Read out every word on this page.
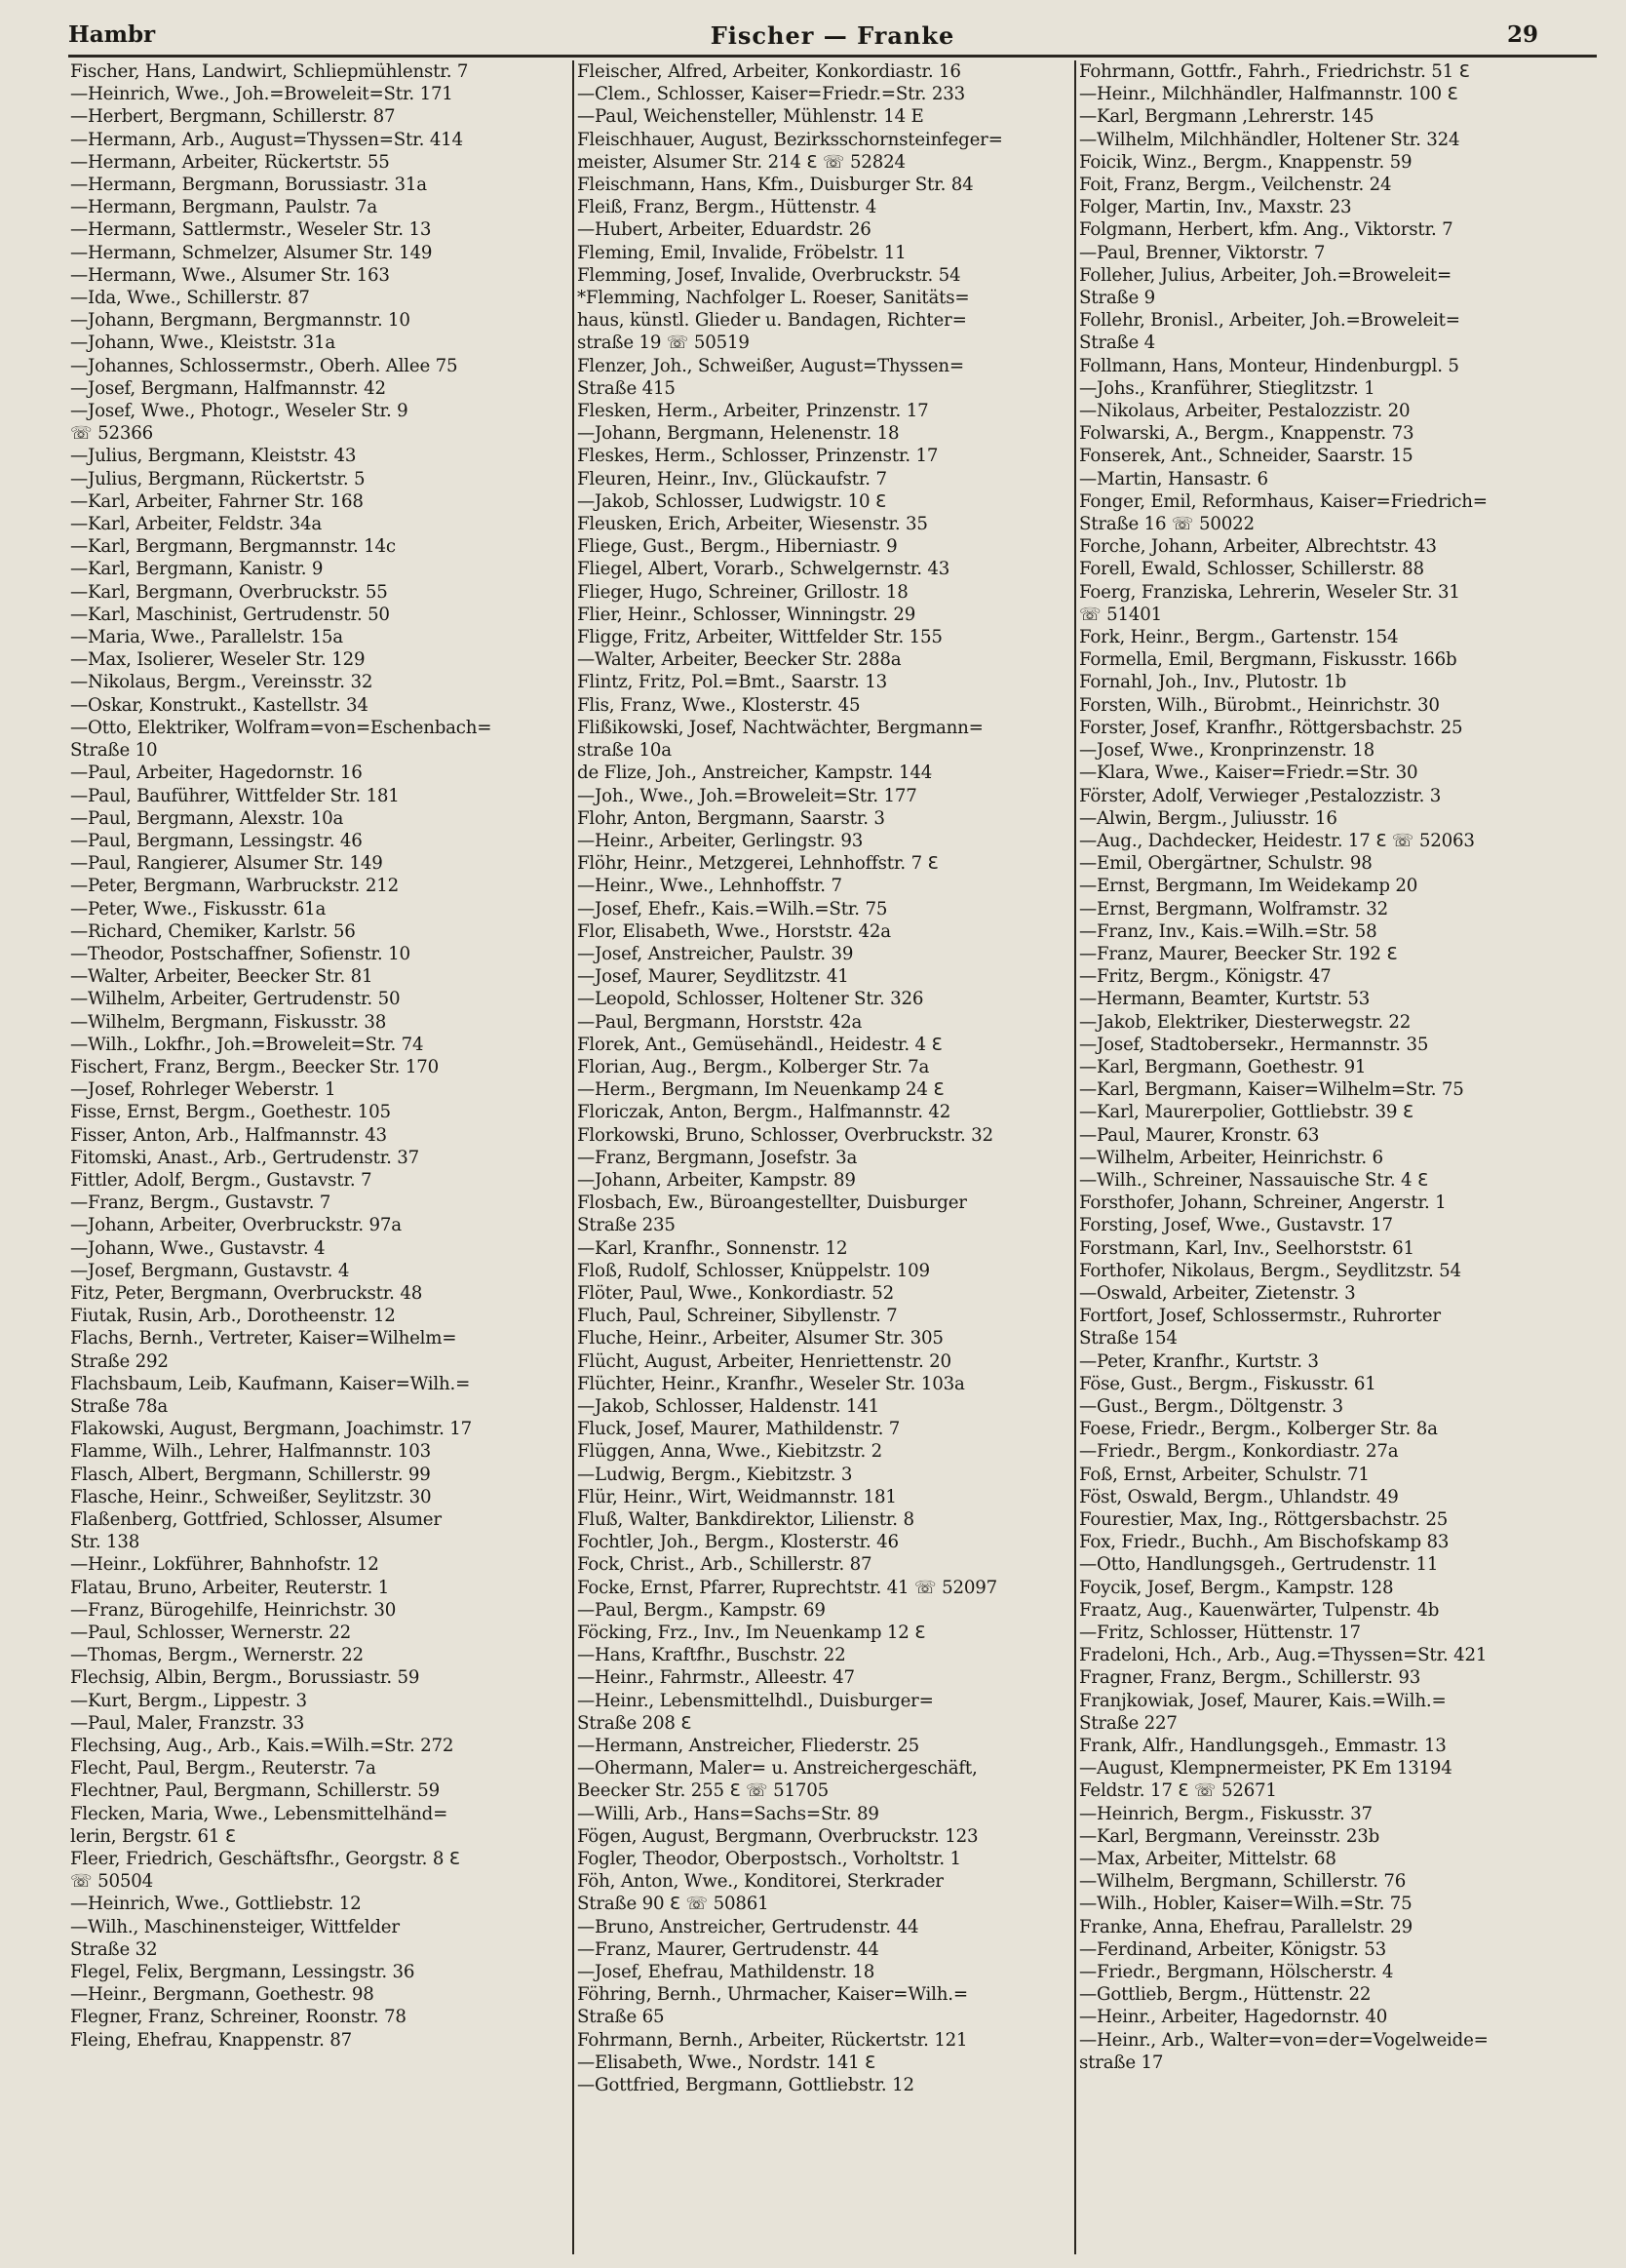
Hambr	Fischer — Franke	29
Fischer, Hans, Landwirt, Schliepmühlenstr. 7
—Heinrich, Wwe., Joh.=Broweleit=Str. 171
—Herbert, Bergmann, Schillerstr. 87
—Hermann, Arb., August=Thyssen=Str. 414
—Hermann, Arbeiter, Rückertstr. 55
—Hermann, Bergmann, Borussiastr. 31a
—Hermann, Bergmann, Paulstr. 7a
—Hermann, Sattlermstr., Weseler Str. 13
—Hermann, Schmelzer, Alsumer Str. 149
—Hermann, Wwe., Alsumer Str. 163
—Ida, Wwe., Schillerstr. 87
—Johann, Bergmann, Bergmannstr. 10
—Johann, Wwe., Kleiststr. 31a
—Johannes, Schlossermstr., Oberh. Allee 75
—Josef, Bergmann, Halfmannstr. 42
—Josef, Wwe., Photogr., Weseler Str. 9
☏ 52366
—Julius, Bergmann, Kleiststr. 43
—Julius, Bergmann, Rückertstr. 5
—Karl, Arbeiter, Fahrner Str. 168
—Karl, Arbeiter, Feldstr. 34a
—Karl, Bergmann, Bergmannstr. 14c
—Karl, Bergmann, Kanistr. 9
—Karl, Bergmann, Overbruckstr. 55
—Karl, Maschinist, Gertrudenstr. 50
—Maria, Wwe., Parallelstr. 15a
—Max, Isolierer, Weseler Str. 129
—Nikolaus, Bergm., Vereinsstr. 32
—Oskar, Konstrukt., Kastellstr. 34
—Otto, Elektriker, Wolfram=von=Eschenbach=
Straße 10
—Paul, Arbeiter, Hagedornstr. 16
—Paul, Bauführer, Wittfelder Str. 181
—Paul, Bergmann, Alexstr. 10a
—Paul, Bergmann, Lessingstr. 46
—Paul, Rangierer, Alsumer Str. 149
—Peter, Bergmann, Warbruckstr. 212
—Peter, Wwe., Fiskusstr. 61a
—Richard, Chemiker, Karlstr. 56
—Theodor, Postschaffner, Sofienstr. 10
—Walter, Arbeiter, Beecker Str. 81
—Wilhelm, Arbeiter, Gertrudenstr. 50
—Wilhelm, Bergmann, Fiskusstr. 38
—Wilh., Lokfhr., Joh.=Broweleit=Str. 74
Fischert, Franz, Bergm., Beecker Str. 170
—Josef, Rohrleger Weberstr. 1
Fisse, Ernst, Bergm., Goethestr. 105
Fisser, Anton, Arb., Halfmannstr. 43
Fitomski, Anast., Arb., Gertrudenstr. 37
Fittler, Adolf, Bergm., Gustavstr. 7
—Franz, Bergm., Gustavstr. 7
—Johann, Arbeiter, Overbruckstr. 97a
—Johann, Wwe., Gustavstr. 4
—Josef, Bergmann, Gustavstr. 4
Fitz, Peter, Bergmann, Overbruckstr. 48
Fiutak, Rusin, Arb., Dorotheenstr. 12
Flachs, Bernh., Vertreter, Kaiser=Wilhelm=
Straße 292
Flachsbaum, Leib, Kaufmann, Kaiser=Wilh.=
Straße 78a
Flakowski, August, Bergmann, Joachimstr. 17
Flamme, Wilh., Lehrer, Halfmannstr. 103
Flasch, Albert, Bergmann, Schillerstr. 99
Flasche, Heinr., Schweißer, Seylitzstr. 30
Flaßenberg, Gottfried, Schlosser, Alsumer
Str. 138
—Heinr., Lokführer, Bahnhofstr. 12
Flatau, Bruno, Arbeiter, Reuterstr. 1
—Franz, Bürogehilfe, Heinrichstr. 30
—Paul, Schlosser, Wernerstr. 22
—Thomas, Bergm., Wernerstr. 22
Flechsig, Albin, Bergm., Borussiastr. 59
—Kurt, Bergm., Lippestr. 3
—Paul, Maler, Franzstr. 33
Flechsing, Aug., Arb., Kais.=Wilh.=Str. 272
Flecht, Paul, Bergm., Reuterstr. 7a
Flechtner, Paul, Bergmann, Schillerstr. 59
Flecken, Maria, Wwe., Lebensmittelhänd=
lerin, Bergstr. 61 ℇ
Fleer, Friedrich, Geschäftsfhr., Georgstr. 8 ℇ
☏ 50504
—Heinrich, Wwe., Gottliebstr. 12
—Wilh., Maschinensteiger, Wittfelder
Straße 32
Flegel, Felix, Bergmann, Lessingstr. 36
—Heinr., Bergmann, Goethestr. 98
Flegner, Franz, Schreiner, Roonstr. 78
Fleing, Ehefrau, Knappenstr. 87
Fleischer, Alfred, Arbeiter, Konkordiastr. 16
—Clem., Schlosser, Kaiser=Friedr.=Str. 233
—Paul, Weichensteller, Mühlenstr. 14 E
Fleischhauer, August, Bezirksschornsteinfeger=
meister, Alsumer Str. 214 ℇ ☏ 52824
Fleischmann, Hans, Kfm., Duisburger Str. 84
Fleiß, Franz, Bergm., Hüttenstr. 4
—Hubert, Arbeiter, Eduardstr. 26
Fleming, Emil, Invalide, Fröbelstr. 11
Flemming, Josef, Invalide, Overbruckstr. 54
*Flemming, Nachfolger L. Roeser, Sanitäts=
haus, künstl. Glieder u. Bandagen, Richter=
straße 19 ☏ 50519
Flenzer, Joh., Schweißer, August=Thyssen=
Straße 415
Flesken, Herm., Arbeiter, Prinzenstr. 17
—Johann, Bergmann, Helenenstr. 18
Fleskes, Herm., Schlosser, Prinzenstr. 17
Fleuren, Heinr., Inv., Glückaufstr. 7
—Jakob, Schlosser, Ludwigstr. 10 ℇ
Fleusken, Erich, Arbeiter, Wiesenstr. 35
Fliege, Gust., Bergm., Hiberniastr. 9
Fliegel, Albert, Vorarb., Schwelgernstr. 43
Flieger, Hugo, Schreiner, Grillostr. 18
Flier, Heinr., Schlosser, Winningstr. 29
Fligge, Fritz, Arbeiter, Wittfelder Str. 155
—Walter, Arbeiter, Beecker Str. 288a
Flintz, Fritz, Pol.=Bmt., Saarstr. 13
Flis, Franz, Wwe., Klosterstr. 45
Flißikowski, Josef, Nachtwächter, Bergmann=
straße 10a
de Flize, Joh., Anstreicher, Kampstr. 144
—Joh., Wwe., Joh.=Broweleit=Str. 177
Flohr, Anton, Bergmann, Saarstr. 3
—Heinr., Arbeiter, Gerlingstr. 93
Flöhr, Heinr., Metzgerei, Lehnhoffstr. 7 ℇ
—Heinr., Wwe., Lehnhoffstr. 7
—Josef, Ehefr., Kais.=Wilh.=Str. 75
Flor, Elisabeth, Wwe., Horststr. 42a
—Josef, Anstreicher, Paulstr. 39
—Josef, Maurer, Seydlitzstr. 41
—Leopold, Schlosser, Holtener Str. 326
—Paul, Bergmann, Horststr. 42a
Florek, Ant., Gemüsehändl., Heidestr. 4 ℇ
Florian, Aug., Bergm., Kolberger Str. 7a
—Herm., Bergmann, Im Neuenkamp 24 ℇ
Floriczak, Anton, Bergm., Halfmannstr. 42
Florkowski, Bruno, Schlosser, Overbruckstr. 32
—Franz, Bergmann, Josefstr. 3a
—Johann, Arbeiter, Kampstr. 89
Flosbach, Ew., Büroangestellter, Duisburger
Straße 235
—Karl, Kranfhr., Sonnenstr. 12
Floß, Rudolf, Schlosser, Knüppelstr. 109
Flöter, Paul, Wwe., Konkordiastr. 52
Fluch, Paul, Schreiner, Sibyllenstr. 7
Fluche, Heinr., Arbeiter, Alsumer Str. 305
Flücht, August, Arbeiter, Henriettenstr. 20
Flüchter, Heinr., Kranfhr., Weseler Str. 103a
—Jakob, Schlosser, Haldenstr. 141
Fluck, Josef, Maurer, Mathildenstr. 7
Flüggen, Anna, Wwe., Kiebitzstr. 2
—Ludwig, Bergm., Kiebitzstr. 3
Flür, Heinr., Wirt, Weidmannstr. 181
Fluß, Walter, Bankdirektor, Lilienstr. 8
Fochtler, Joh., Bergm., Klosterstr. 46
Fock, Christ., Arb., Schillerstr. 87
Focke, Ernst, Pfarrer, Ruprechtstr. 41 ☏ 52097
—Paul, Bergm., Kampstr. 69
Föcking, Frz., Inv., Im Neuenkamp 12 ℇ
—Hans, Kraftfhr., Buschstr. 22
—Heinr., Fahrmstr., Alleestr. 47
—Heinr., Lebensmittelhdl., Duisburger=
Straße 208 ℇ
—Hermann, Anstreicher, Fliederstr. 25
—Ohermann, Maler= u. Anstreichergeschäft,
Beecker Str. 255 ℇ ☏ 51705
—Willi, Arb., Hans=Sachs=Str. 89
Fögen, August, Bergmann, Overbruckstr. 123
Fogler, Theodor, Oberpostsch., Vorholtstr. 1
Föh, Anton, Wwe., Konditorei, Sterkrader
Straße 90 ℇ ☏ 50861
—Bruno, Anstreicher, Gertrudenstr. 44
—Franz, Maurer, Gertrudenstr. 44
—Josef, Ehefrau, Mathildenstr. 18
Föhring, Bernh., Uhrmacher, Kaiser=Wilh.=
Straße 65
Fohrmann, Bernh., Arbeiter, Rückertstr. 121
—Elisabeth, Wwe., Nordstr. 141 ℇ
—Gottfried, Bergmann, Gottliebstr. 12
Fohrmann, Gottfr., Fahrh., Friedrichstr. 51 ℇ
—Heinr., Milchhändler, Halfmannstr. 100 ℇ
—Karl, Bergmann ,Lehrerstr. 145
—Wilhelm, Milchhändler, Holtener Str. 324
Foicik, Winz., Bergm., Knappenstr. 59
Foit, Franz, Bergm., Veilchenstr. 24
Folger, Martin, Inv., Maxstr. 23
Folgmann, Herbert, kfm. Ang., Viktorstr. 7
—Paul, Brenner, Viktorstr. 7
Folleher, Julius, Arbeiter, Joh.=Broweleit=
Straße 9
Follehr, Bronisl., Arbeiter, Joh.=Broweleit=
Straße 4
Follmann, Hans, Monteur, Hindenburgpl. 5
—Johs., Kranführer, Stieglitzstr. 1
—Nikolaus, Arbeiter, Pestalozzistr. 20
Folwarski, A., Bergm., Knappenstr. 73
Fonserek, Ant., Schneider, Saarstr. 15
—Martin, Hansastr. 6
Fonger, Emil, Reformhaus, Kaiser=Friedrich=
Straße 16 ☏ 50022
Forche, Johann, Arbeiter, Albrechtstr. 43
Forell, Ewald, Schlosser, Schillerstr. 88
Foerg, Franziska, Lehrerin, Weseler Str. 31
☏ 51401
Fork, Heinr., Bergm., Gartenstr. 154
Formella, Emil, Bergmann, Fiskusstr. 166b
Fornahl, Joh., Inv., Plutostr. 1b
Forsten, Wilh., Bürobmt., Heinrichstr. 30
Forster, Josef, Kranfhr., Röttgersbachstr. 25
—Josef, Wwe., Kronprinzenstr. 18
—Klara, Wwe., Kaiser=Friedr.=Str. 30
Förster, Adolf, Verwieger ,Pestalozzistr. 3
—Alwin, Bergm., Juliusstr. 16
—Aug., Dachdecker, Heidestr. 17 ℇ ☏ 52063
—Emil, Obergärtner, Schulstr. 98
—Ernst, Bergmann, Im Weidekamp 20
—Ernst, Bergmann, Wolframstr. 32
—Franz, Inv., Kais.=Wilh.=Str. 58
—Franz, Maurer, Beecker Str. 192 ℇ
—Fritz, Bergm., Königstr. 47
—Hermann, Beamter, Kurtstr. 53
—Jakob, Elektriker, Diesterwegstr. 22
—Josef, Stadtobersekr., Hermannstr. 35
—Karl, Bergmann, Goethestr. 91
—Karl, Bergmann, Kaiser=Wilhelm=Str. 75
—Karl, Maurerpolier, Gottliebstr. 39 ℇ
—Paul, Maurer, Kronstr. 63
—Wilhelm, Arbeiter, Heinrichstr. 6
—Wilh., Schreiner, Nassauische Str. 4 ℇ
Forsthofer, Johann, Schreiner, Angerstr. 1
Forsting, Josef, Wwe., Gustavstr. 17
Forstmann, Karl, Inv., Seelhorststr. 61
Forthofer, Nikolaus, Bergm., Seydlitzstr. 54
—Oswald, Arbeiter, Zietenstr. 3
Fortfort, Josef, Schlossermstr., Ruhrorter
Straße 154
—Peter, Kranfhr., Kurtstr. 3
Föse, Gust., Bergm., Fiskusstr. 61
—Gust., Bergm., Döltgenstr. 3
Foese, Friedr., Bergm., Kolberger Str. 8a
—Friedr., Bergm., Konkordiastr. 27a
Foß, Ernst, Arbeiter, Schulstr. 71
Föst, Oswald, Bergm., Uhlandstr. 49
Fourestier, Max, Ing., Röttgersbachstr. 25
Fox, Friedr., Buchh., Am Bischofskamp 83
—Otto, Handlungsgeh., Gertrudenstr. 11
Foycik, Josef, Bergm., Kampstr. 128
Fraatz, Aug., Kauenwärter, Tulpenstr. 4b
—Fritz, Schlosser, Hüttenstr. 17
Fradeloni, Hch., Arb., Aug.=Thyssen=Str. 421
Fragner, Franz, Bergm., Schillerstr. 93
Franjkowiak, Josef, Maurer, Kais.=Wilh.=
Straße 227
Frank, Alfr., Handlungsgeh., Emmastr. 13
—August, Klempnermeister, PK Em 13194
Feldstr. 17 ℇ ☏ 52671
—Heinrich, Bergm., Fiskusstr. 37
—Karl, Bergmann, Vereinsstr. 23b
—Max, Arbeiter, Mittelstr. 68
—Wilhelm, Bergmann, Schillerstr. 76
—Wilh., Hobler, Kaiser=Wilh.=Str. 75
Franke, Anna, Ehefrau, Parallelstr. 29
—Ferdinand, Arbeiter, Königstr. 53
—Friedr., Bergmann, Hölscherstr. 4
—Gottlieb, Bergm., Hüttenstr. 22
—Heinr., Arbeiter, Hagedornstr. 40
—Heinr., Arb., Walter=von=der=Vogelweide=
straße 17
